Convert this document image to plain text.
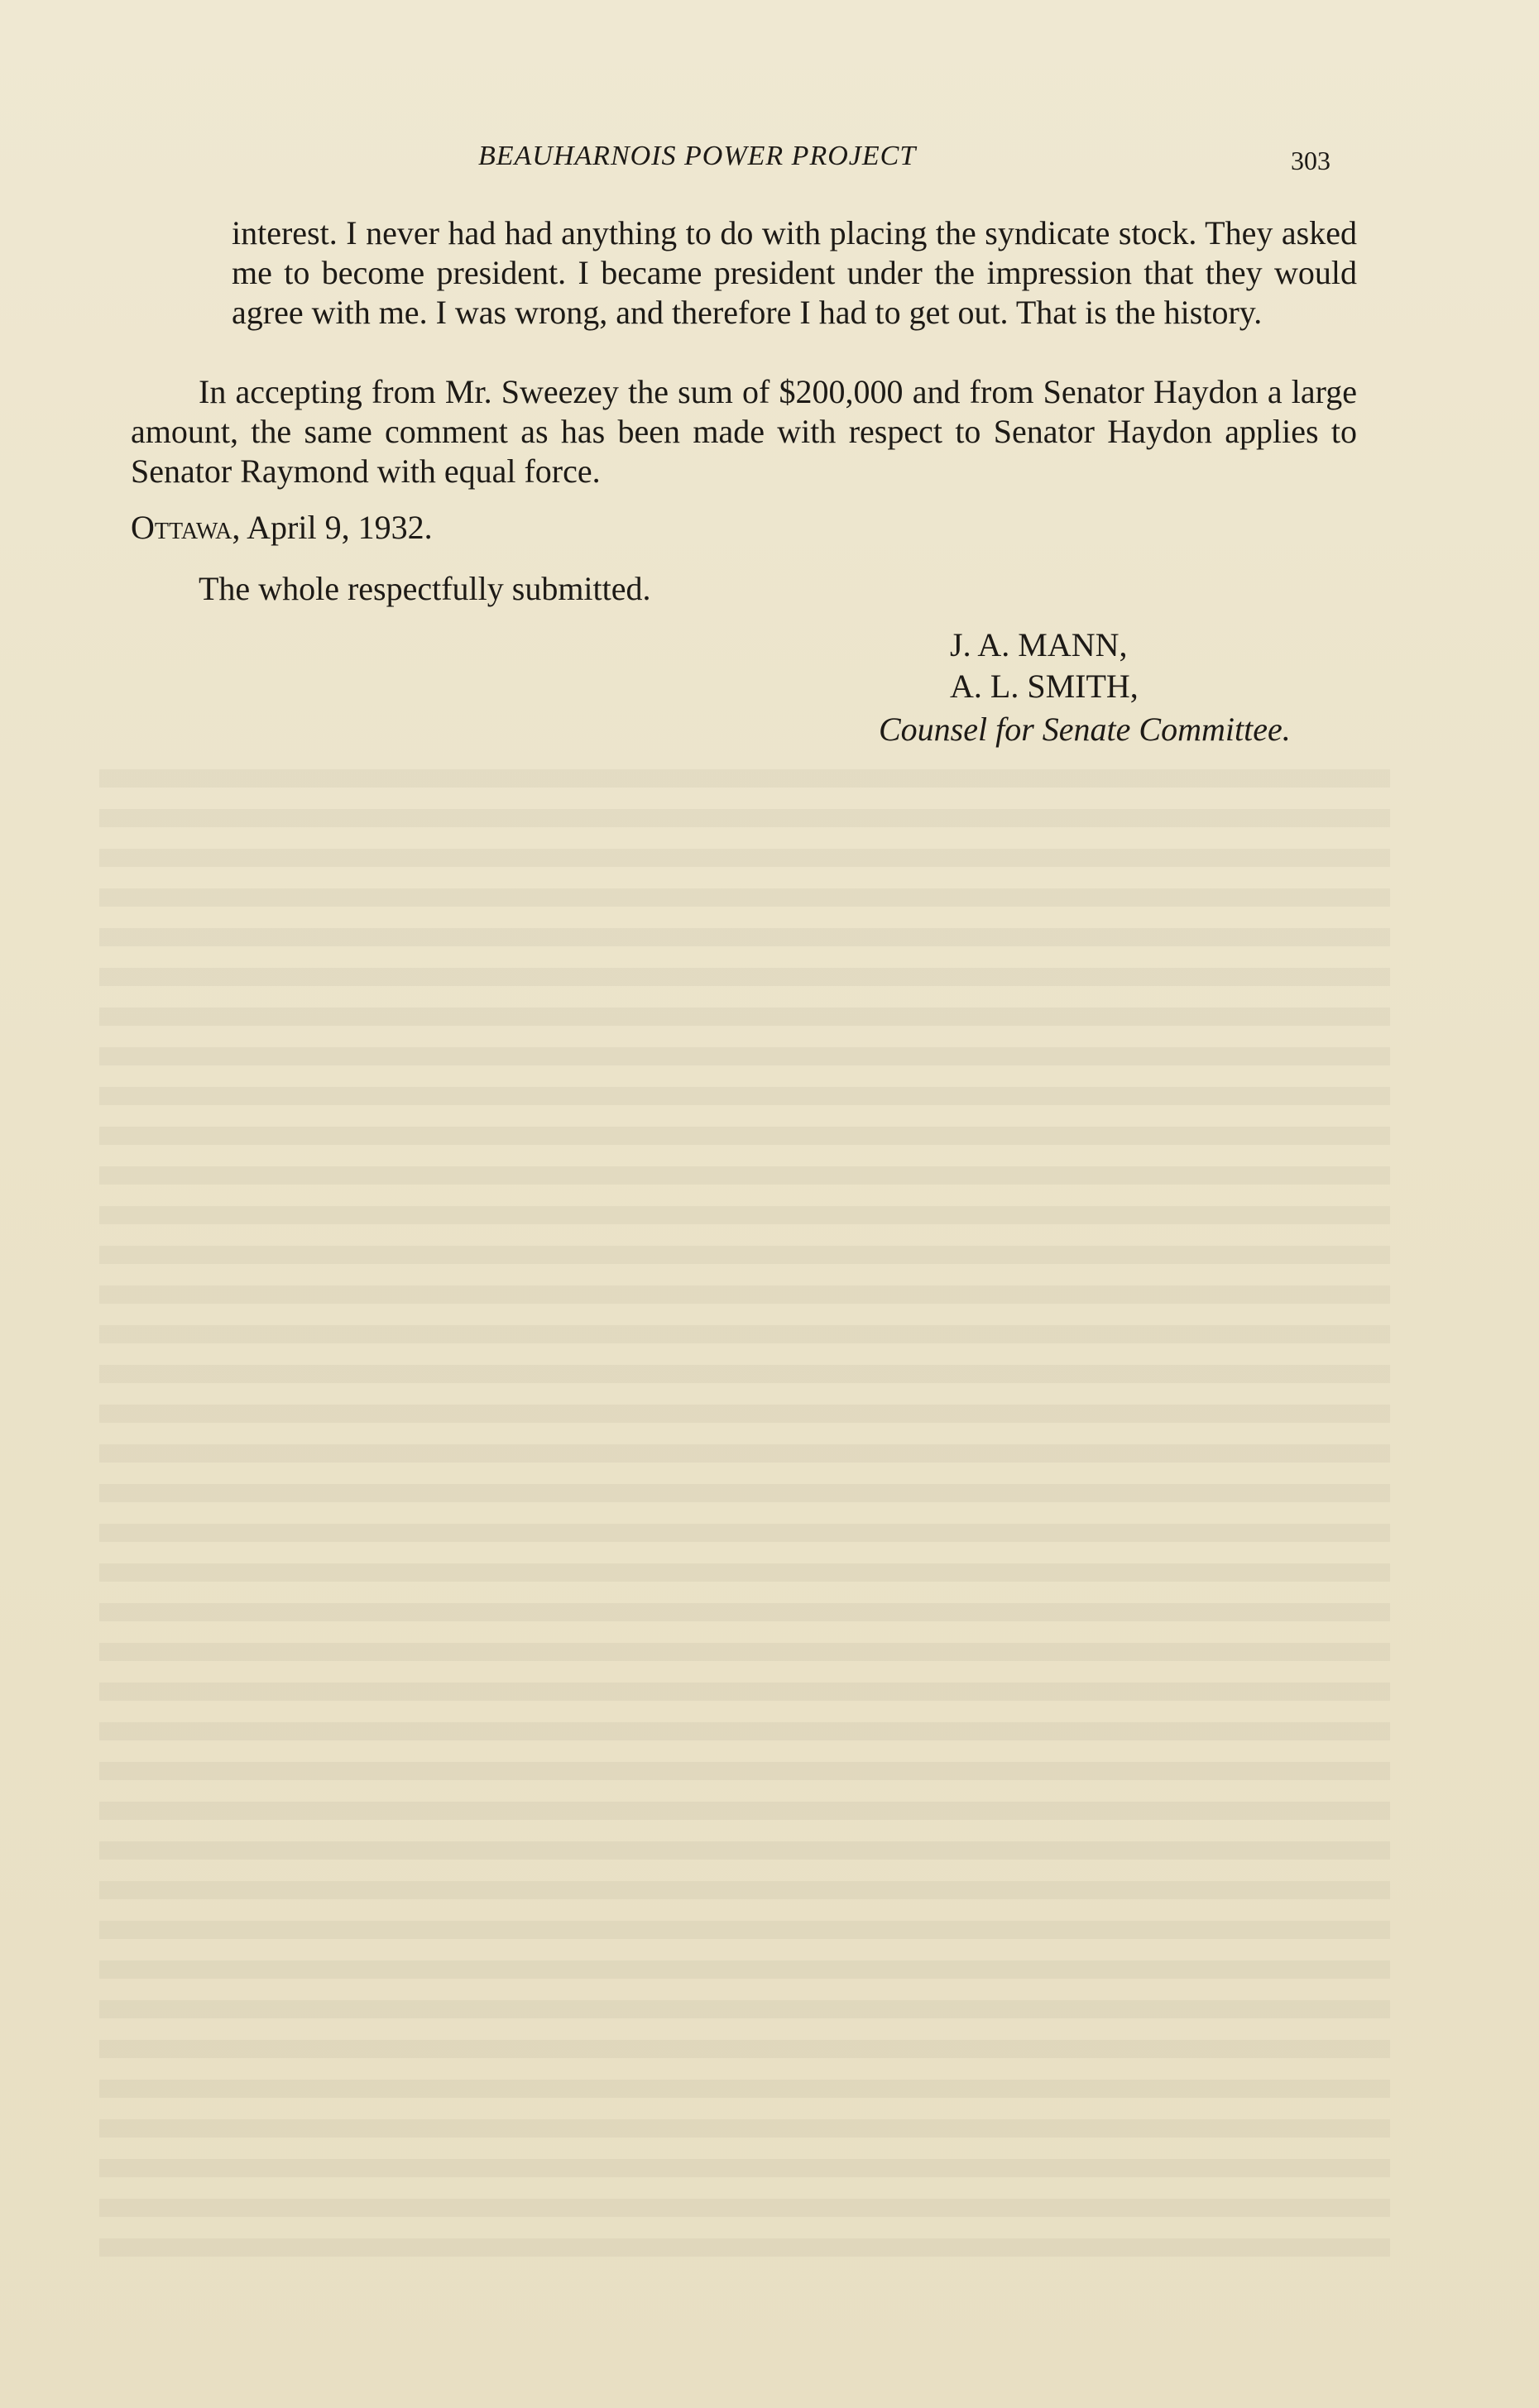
BEAUHARNOIS POWER PROJECT	303
interest. I never had had anything to do with placing the syndicate stock. They asked me to become president. I became president under the impression that they would agree with me. I was wrong, and therefore I had to get out. That is the history.
In accepting from Mr. Sweezey the sum of $200,000 and from Senator Haydon a large amount, the same comment as has been made with respect to Senator Haydon applies to Senator Raymond with equal force.
Ottawa, April 9, 1932.
The whole respectfully submitted.
J. A. MANN,
A. L. SMITH,
Counsel for Senate Committee.
